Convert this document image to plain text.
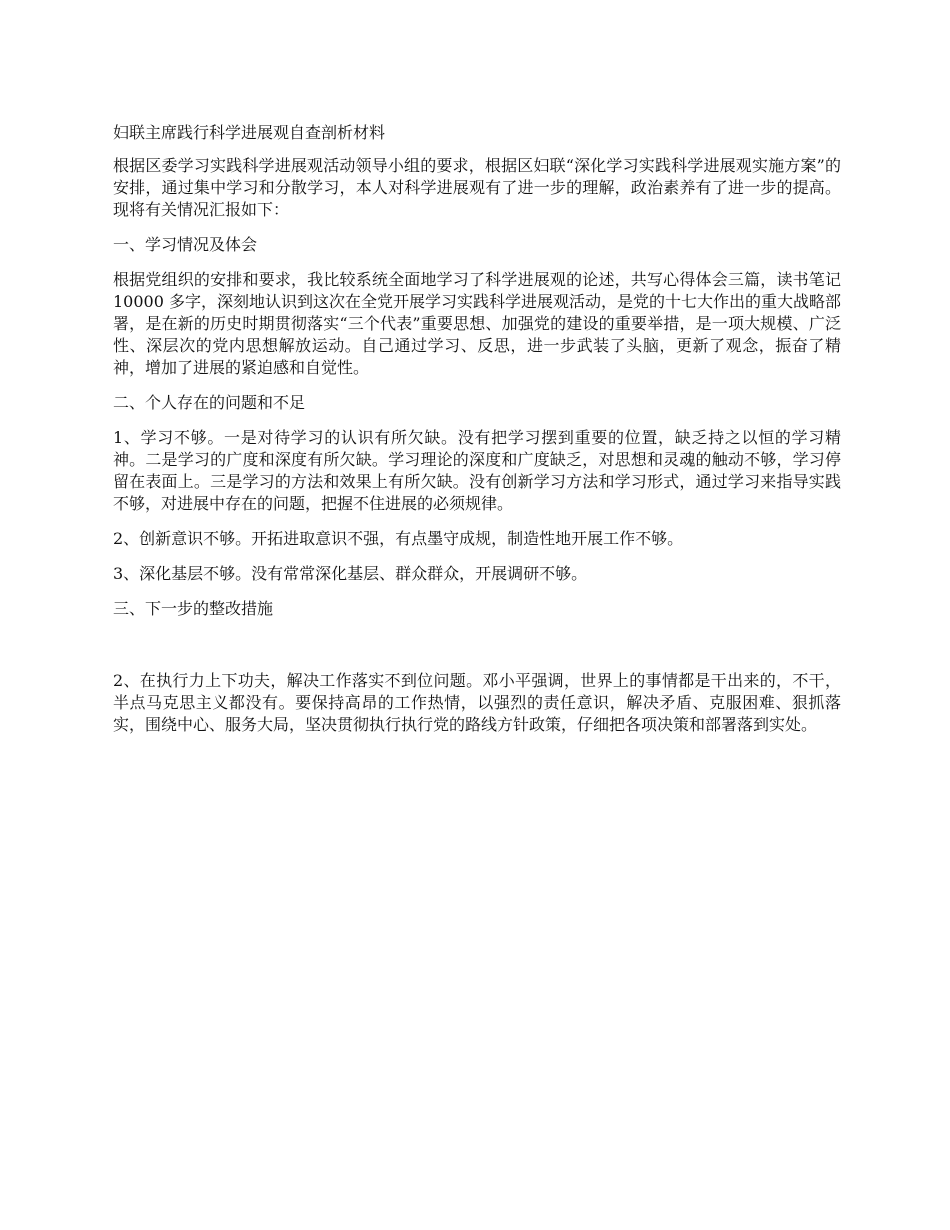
妇联主席践行科学进展观自查剖析材料

根据区委学习实践科学进展观活动领导小组的要求，根据区妇联“深化学习实践科学进展观实施方案”的安排，通过集中学习和分散学习，本人对科学进展观有了进一步的理解，政治素养有了进一步的提高。现将有关情况汇报如下：

一、学习情况及体会

根据党组织的安排和要求，我比较系统全面地学习了科学进展观的论述，共写心得体会三篇，读书笔记 10000 多字，深刻地认识到这次在全党开展学习实践科学进展观活动，是党的十七大作出的重大战略部署，是在新的历史时期贯彻落实“三个代表”重要思想、加强党的建设的重要举措，是一项大规模、广泛性、深层次的党内思想解放运动。自己通过学习、反思，进一步武装了头脑，更新了观念，振奋了精神，增加了进展的紧迫感和自觉性。

二、个人存在的问题和不足

1、学习不够。一是对待学习的认识有所欠缺。没有把学习摆到重要的位置，缺乏持之以恒的学习精神。二是学习的广度和深度有所欠缺。学习理论的深度和广度缺乏，对思想和灵魂的触动不够，学习停留在表面上。三是学习的方法和效果上有所欠缺。没有创新学习方法和学习形式，通过学习来指导实践不够，对进展中存在的问题，把握不住进展的必须规律。

2、创新意识不够。开拓进取意识不强，有点墨守成规，制造性地开展工作不够。

3、深化基层不够。没有常常深化基层、群众群众，开展调研不够。

三、下一步的整改措施

2、在执行力上下功夫，解决工作落实不到位问题。邓小平强调，世界上的事情都是干出来的，不干，半点马克思主义都没有。要保持高昂的工作热情，以强烈的责任意识，解决矛盾、克服困难、狠抓落实，围绕中心、服务大局，坚决贯彻执行执行党的路线方针政策，仔细把各项决策和部署落到实处。
